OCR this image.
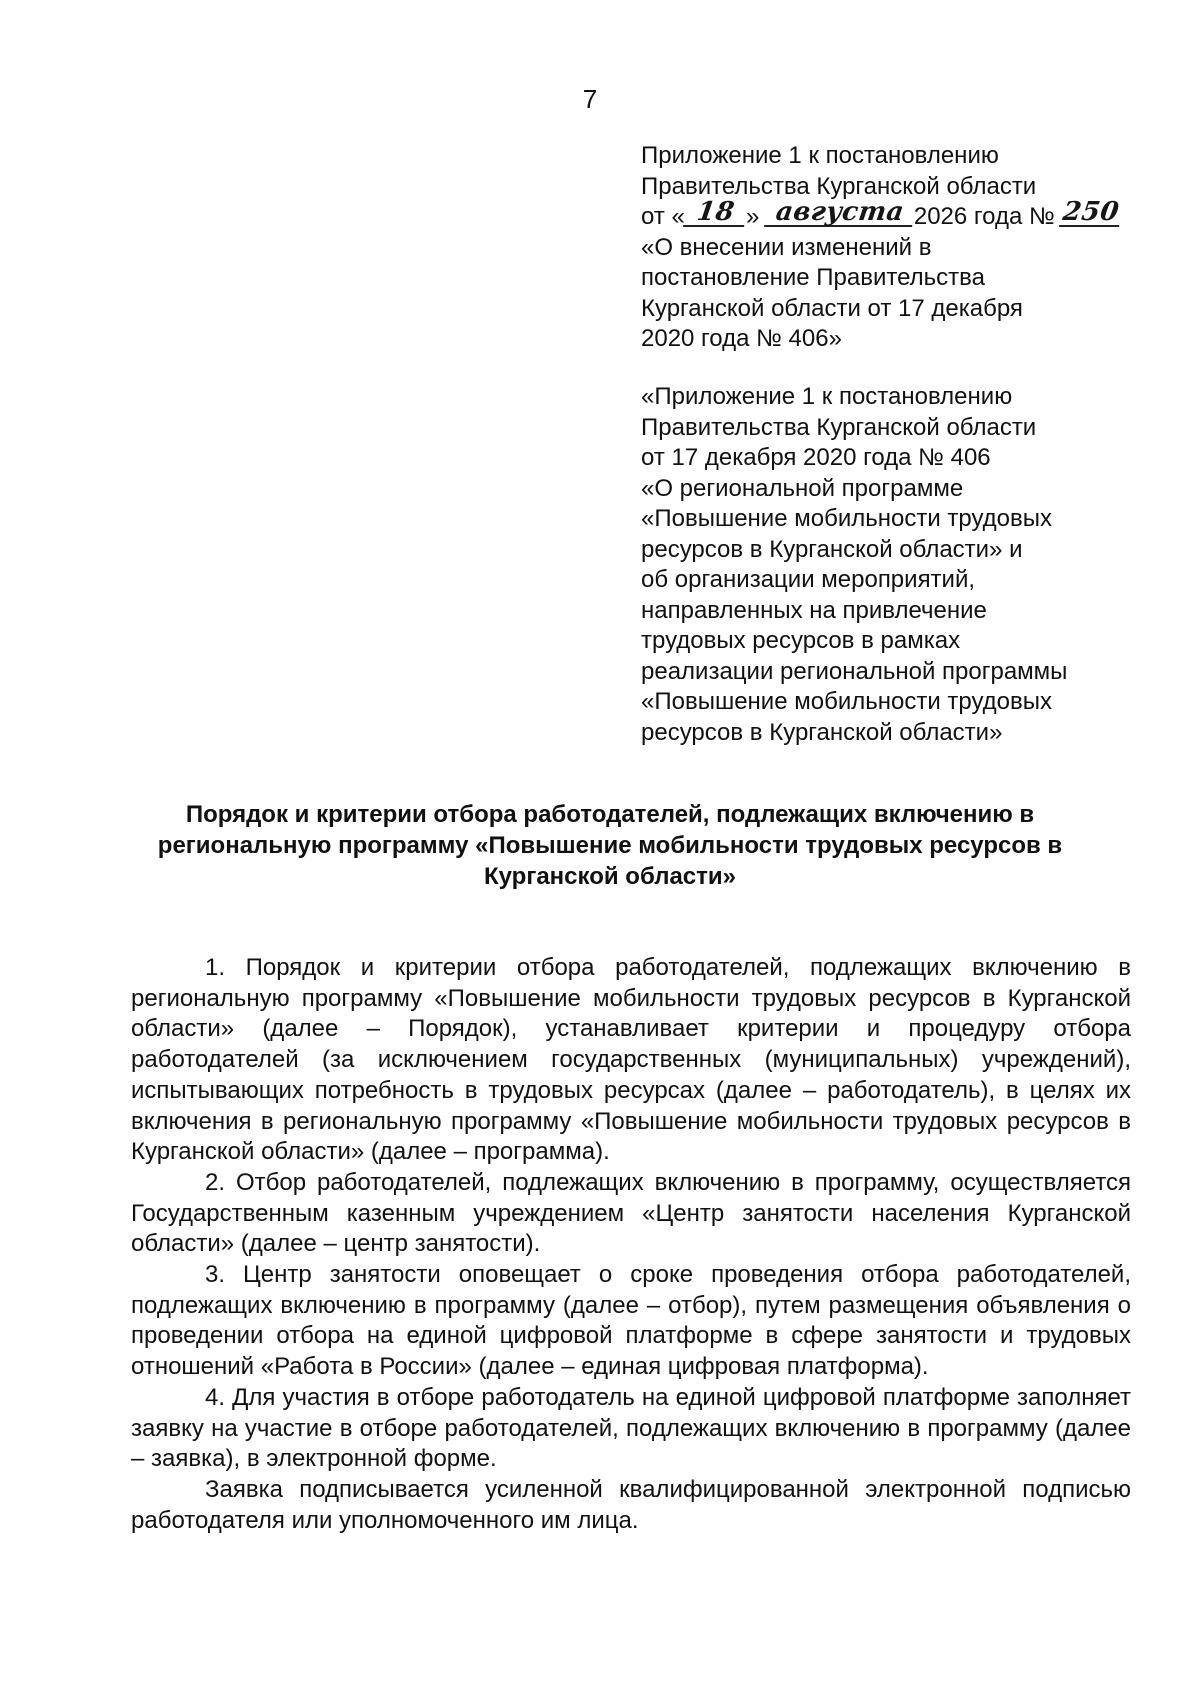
7
Приложение 1 к постановлению
Правительства Курганской области
от « 18 » августа 2026 года № 250
«О внесении изменений в
постановление Правительства
Курганской области от 17 декабря
2020 года № 406»
«Приложение 1 к постановлению
Правительства Курганской области
от 17 декабря 2020 года № 406
«О региональной программе
«Повышение мобильности трудовых
ресурсов в Курганской области» и
об организации мероприятий,
направленных на привлечение
трудовых ресурсов в рамках
реализации региональной программы
«Повышение мобильности трудовых
ресурсов в Курганской области»
Порядок и критерии отбора работодателей, подлежащих включению в региональную программу «Повышение мобильности трудовых ресурсов в Курганской области»

1. Порядок и критерии отбора работодателей, подлежащих включению в региональную программу «Повышение мобильности трудовых ресурсов в Курганской области» (далее – Порядок), устанавливает критерии и процедуру отбора работодателей (за исключением государственных (муниципальных) учреждений), испытывающих потребность в трудовых ресурсах (далее – работодатель), в целях их включения в региональную программу «Повышение мобильности трудовых ресурсов в Курганской области» (далее – программа).

2. Отбор работодателей, подлежащих включению в программу, осуществляется Государственным казенным учреждением «Центр занятости населения Курганской области» (далее – центр занятости).

3. Центр занятости оповещает о сроке проведения отбора работодателей, подлежащих включению в программу (далее – отбор), путем размещения объявления о проведении отбора на единой цифровой платформе в сфере занятости и трудовых отношений «Работа в России» (далее – единая цифровая платформа).

4. Для участия в отборе работодатель на единой цифровой платформе заполняет заявку на участие в отборе работодателей, подлежащих включению в программу (далее – заявка), в электронной форме.

Заявка подписывается усиленной квалифицированной электронной подписью работодателя или уполномоченного им лица.
